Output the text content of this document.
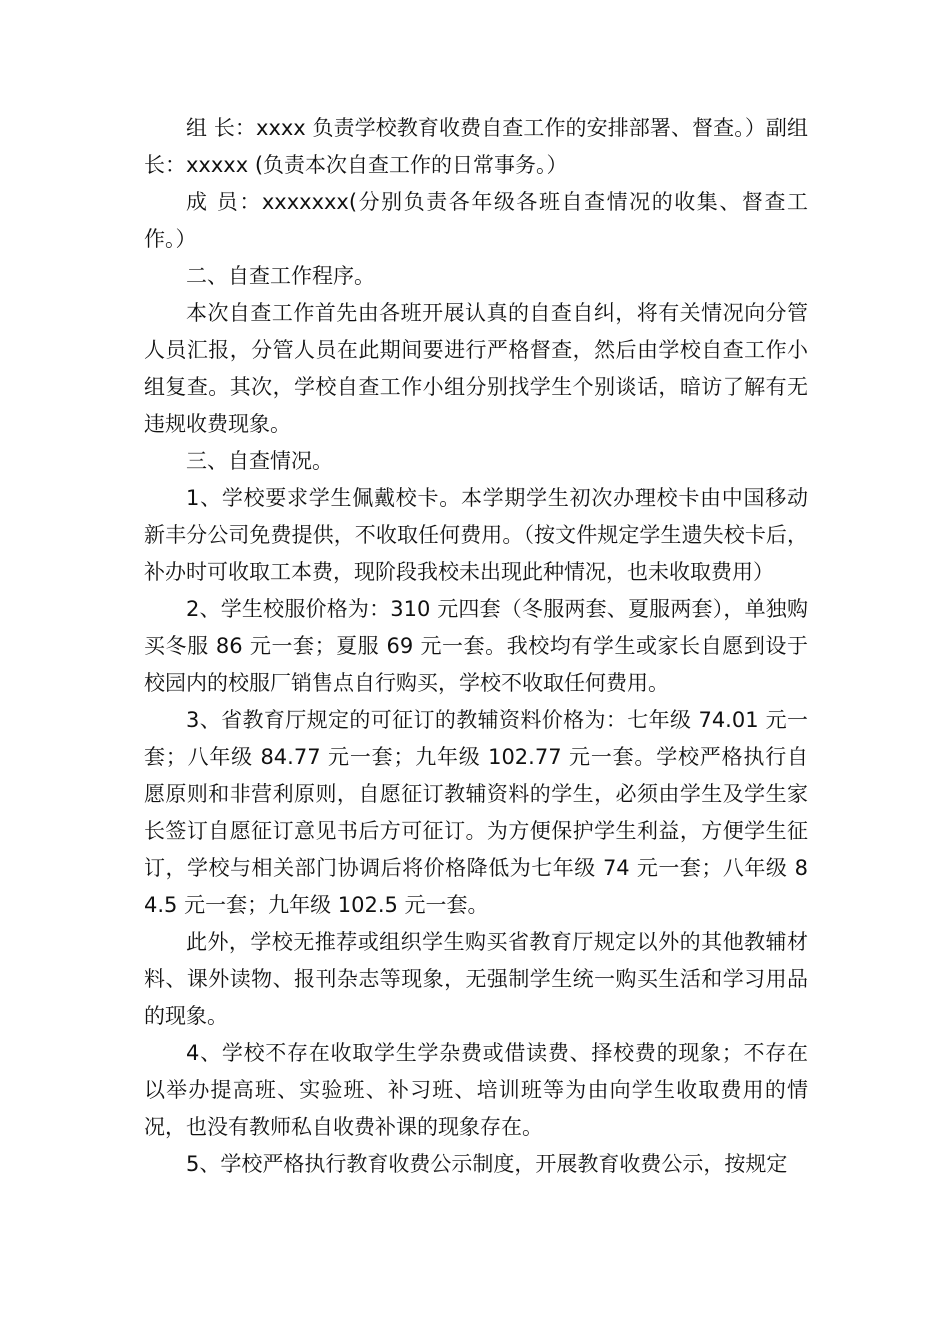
组 长：xxxx 负责学校教育收费自查工作的安排部署、督查。）副组长：xxxxx (负责本次自查工作的日常事务。）

成 员：xxxxxxx(分别负责各年级各班自查情况的收集、督查工作。）

二、自查工作程序。

本次自查工作首先由各班开展认真的自查自纠，将有关情况向分管人员汇报，分管人员在此期间要进行严格督查，然后由学校自查工作小组复查。其次，学校自查工作小组分别找学生个别谈话，暗访了解有无违规收费现象。

三、自查情况。

1、学校要求学生佩戴校卡。本学期学生初次办理校卡由中国移动新丰分公司免费提供，不收取任何费用。（按文件规定学生遗失校卡后，补办时可收取工本费，现阶段我校未出现此种情况，也未收取费用）

2、学生校服价格为：310 元四套（冬服两套、夏服两套），单独购买冬服 86 元一套；夏服 69 元一套。我校均有学生或家长自愿到设于校园内的校服厂销售点自行购买，学校不收取任何费用。

3、省教育厅规定的可征订的教辅资料价格为：七年级 74.01 元一套；八年级 84.77 元一套；九年级 102.77 元一套。学校严格执行自愿原则和非营利原则，自愿征订教辅资料的学生，必须由学生及学生家长签订自愿征订意见书后方可征订。为方便保护学生利益，方便学生征订，学校与相关部门协调后将价格降低为七年级 74 元一套；八年级 84.5 元一套；九年级 102.5 元一套。

此外，学校无推荐或组织学生购买省教育厅规定以外的其他教辅材料、课外读物、报刊杂志等现象，无强制学生统一购买生活和学习用品的现象。

4、学校不存在收取学生学杂费或借读费、择校费的现象；不存在以举办提高班、实验班、补习班、培训班等为由向学生收取费用的情况，也没有教师私自收费补课的现象存在。

5、学校严格执行教育收费公示制度，开展教育收费公示，按规定
